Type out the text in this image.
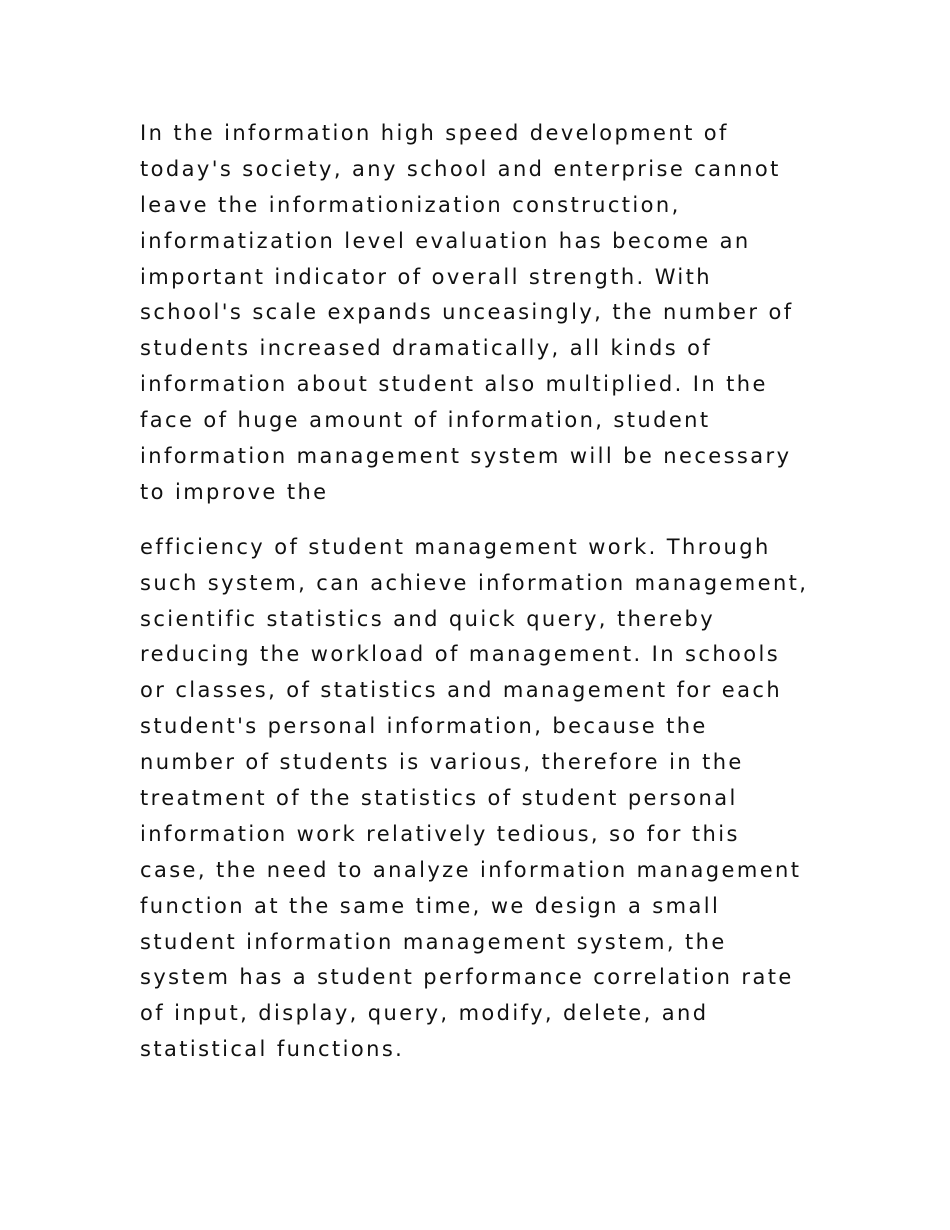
In the information high speed development of
today's society, any school and enterprise cannot
leave the informationization construction,
informatization level evaluation has become an
important indicator of overall strength. With
school's scale expands unceasingly, the number of
students increased dramatically, all kinds of
information about student also multiplied. In the
face of huge amount of information, student
information management system will be necessary
to improve the
efficiency of student management work. Through
such system, can achieve information management,
scientific statistics and quick query, thereby
reducing the workload of management. In schools
or classes, of statistics and management for each
student's personal information, because the
number of students is various, therefore in the
treatment of the statistics of student personal
information work relatively tedious, so for this
case, the need to analyze information management
function at the same time, we design a small
student information management system, the
system has a student performance correlation rate
of input, display, query, modify, delete, and
statistical functions.
